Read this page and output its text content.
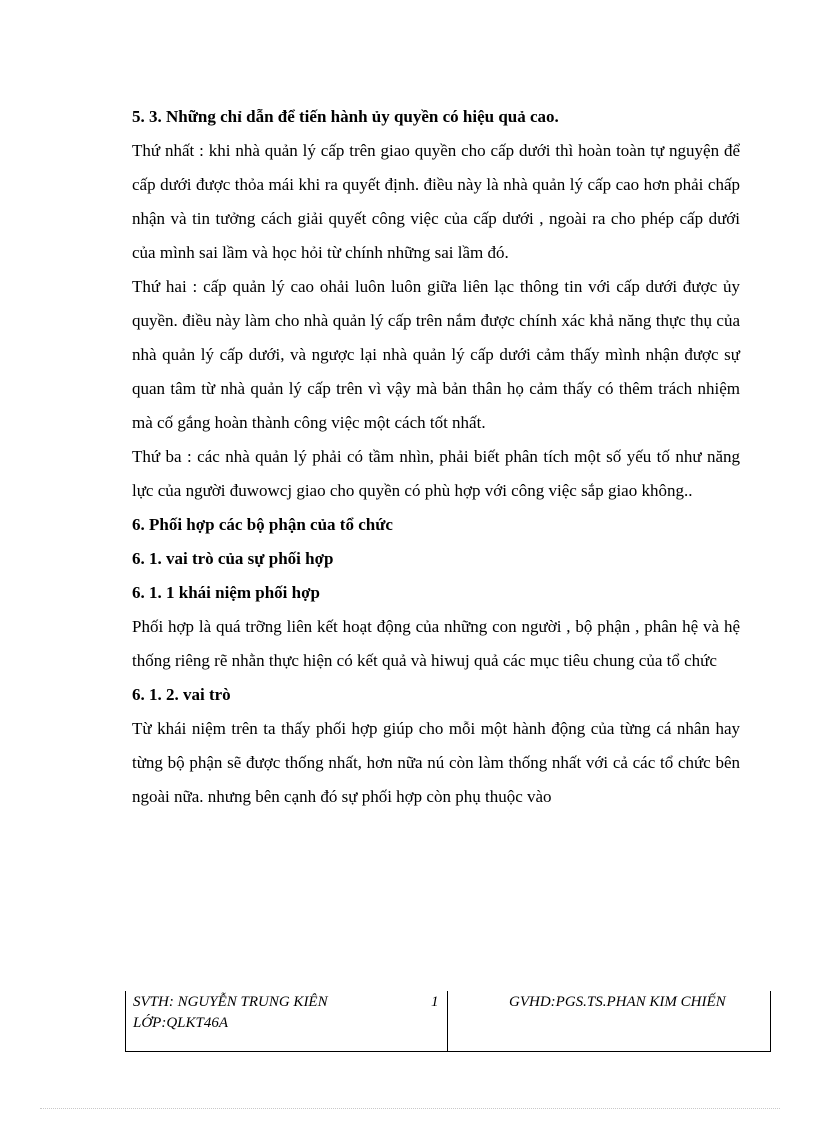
5. 3. Những chỉ dẫn để tiến hành ủy quyền có hiệu quả cao.

Thứ nhất : khi nhà quản lý cấp trên giao quyền cho cấp dưới thì hoàn toàn tự nguyện để cấp dưới được thỏa mái khi ra quyết định. điều này là nhà quản lý cấp cao hơn phải chấp nhận và tin tưởng cách giải quyết công việc của cấp dưới , ngoài ra cho phép cấp dưới của mình sai lầm và học hỏi từ chính những sai lầm đó.

Thứ hai : cấp quản lý cao ohải luôn luôn giữa liên lạc thông tin với cấp dưới được ủy quyền. điều này làm cho nhà quản lý cấp trên nắm được chính xác khả năng thực thụ của nhà quản lý cấp dưới, và ngược lại nhà quản lý cấp dưới cảm thấy mình nhận được sự quan tâm từ nhà quản lý cấp trên vì vậy mà bản thân họ cảm thấy có thêm trách nhiệm mà cố gắng hoàn thành công việc một cách tốt nhất.

Thứ ba : các nhà quản lý phải có tầm nhìn, phải biết phân tích một số yếu tố như năng lực của người đuwowcj giao cho quyền có phù hợp với công việc sắp giao không..

6. Phối hợp các bộ phận của tổ chức
6. 1. vai trò của sự phối hợp
6. 1. 1 khái niệm phối hợp

Phối hợp là quá trỡng liên kết hoạt động của những con người , bộ phận , phân hệ và hệ thống riêng rẽ nhằn thực hiện có kết quả và hiwuj quả các mục tiêu chung của tổ chức

6. 1. 2. vai trò

Từ khái niệm trên ta thấy phối hợp giúp cho mỗi một hành động của từng cá nhân hay từng bộ phận sẽ được thống nhất, hơn nữa nú còn làm thống nhất với cả các tổ chức bên ngoài nữa. nhưng bên cạnh đó sự phối hợp còn phụ thuộc vào

SVTH: NGUYỄN TRUNG KIÊN
LỚP:QLKT46A
1	GVHD:PGS.TS.PHAN KIM CHIẾN
